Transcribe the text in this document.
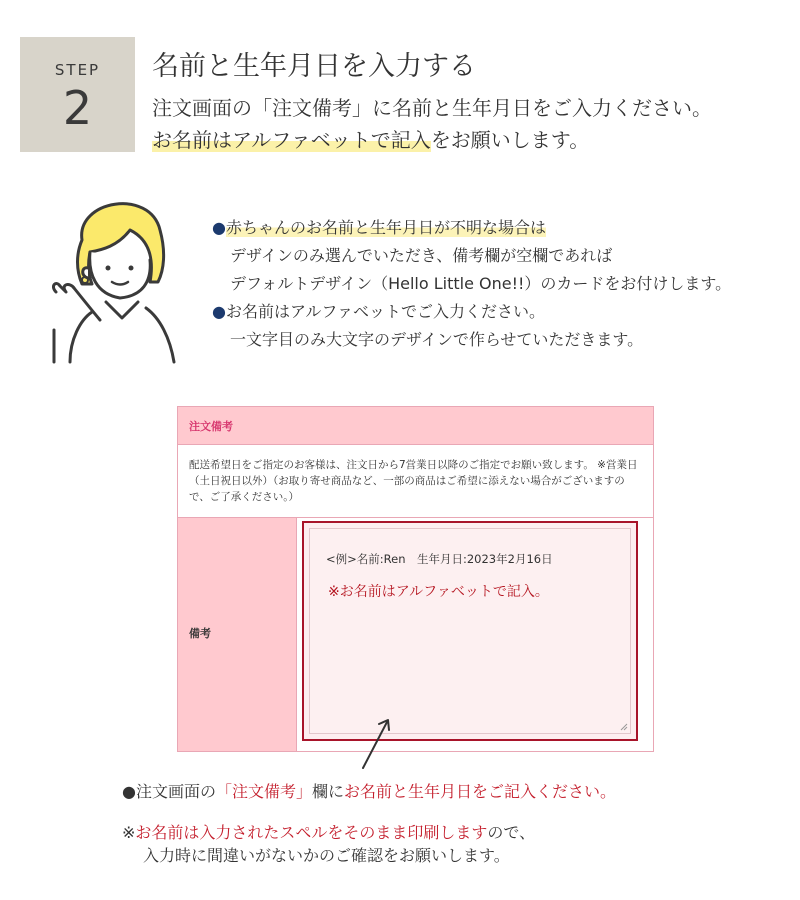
STEP
2
名前と生年月日を入力する
注文画面の「注文備考」に名前と生年月日をご入力ください。
お名前はアルファベットで記入をお願いします。
●赤ちゃんのお名前と生年月日が不明な場合は
デザインのみ選んでいただき、備考欄が空欄であれば
デフォルトデザイン（Hello Little One!!）のカードをお付けします。
●お名前はアルファベットでご入力ください。
一文字目のみ大文字のデザインで作らせていただきます。
注文備考

配送希望日をご指定のお客様は、注文日から7営業日以降のご指定でお願い致します。 ※営業日（土日祝日以外）（お取り寄せ商品など、一部の商品はご希望に添えない場合がございますので、ご了承ください。）

備考
<例>名前:Ren　生年月日:2023年2月16日
※お名前はアルファベットで記入。
●注文画面の「注文備考」欄にお名前と生年月日をご記入ください。
※お名前は入力されたスペルをそのまま印刷しますので、
入力時に間違いがないかのご確認をお願いします。
